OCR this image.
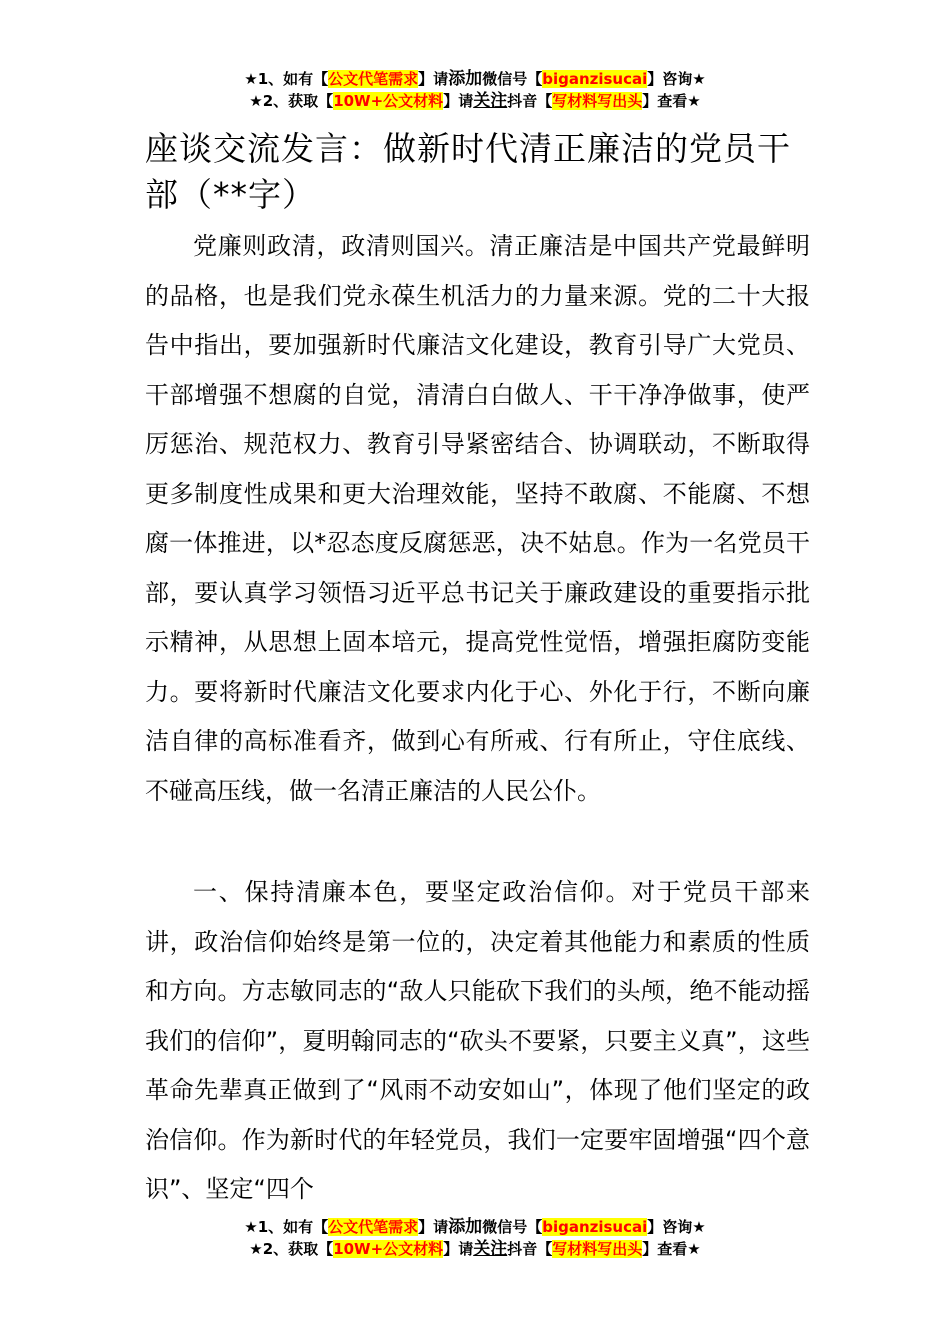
★1、如有【公文代笔需求】请添加微信号【biganzisucai】咨询★
★2、获取【10W+公文材料】请关注抖音【写材料写出头】查看★
座谈交流发言：做新时代清正廉洁的党员干部（**字）

党廉则政清，政清则国兴。清正廉洁是中国共产党最鲜明的品格，也是我们党永葆生机活力的力量来源。党的二十大报告中指出，要加强新时代廉洁文化建设，教育引导广大党员、干部增强不想腐的自觉，清清白白做人、干干净净做事，使严厉惩治、规范权力、教育引导紧密结合、协调联动，不断取得更多制度性成果和更大治理效能，坚持不敢腐、不能腐、不想腐一体推进，以*忍态度反腐惩恶，决不姑息。作为一名党员干部，要认真学习领悟习近平总书记关于廉政建设的重要指示批示精神，从思想上固本培元，提高党性觉悟，增强拒腐防变能力。要将新时代廉洁文化要求内化于心、外化于行，不断向廉洁自律的高标准看齐，做到心有所戒、行有所止，守住底线、不碰高压线，做一名清正廉洁的人民公仆。

一、保持清廉本色，要坚定政治信仰。对于党员干部来讲，政治信仰始终是第一位的，决定着其他能力和素质的性质和方向。方志敏同志的“敌人只能砍下我们的头颅，绝不能动摇我们的信仰”，夏明翰同志的“砍头不要紧，只要主义真”，这些革命先辈真正做到了“风雨不动安如山”，体现了他们坚定的政治信仰。作为新时代的年轻党员，我们一定要牢固增强“四个意识”、坚定“四个

★1、如有【公文代笔需求】请添加微信号【biganzisucai】咨询★
★2、获取【10W+公文材料】请关注抖音【写材料写出头】查看★
